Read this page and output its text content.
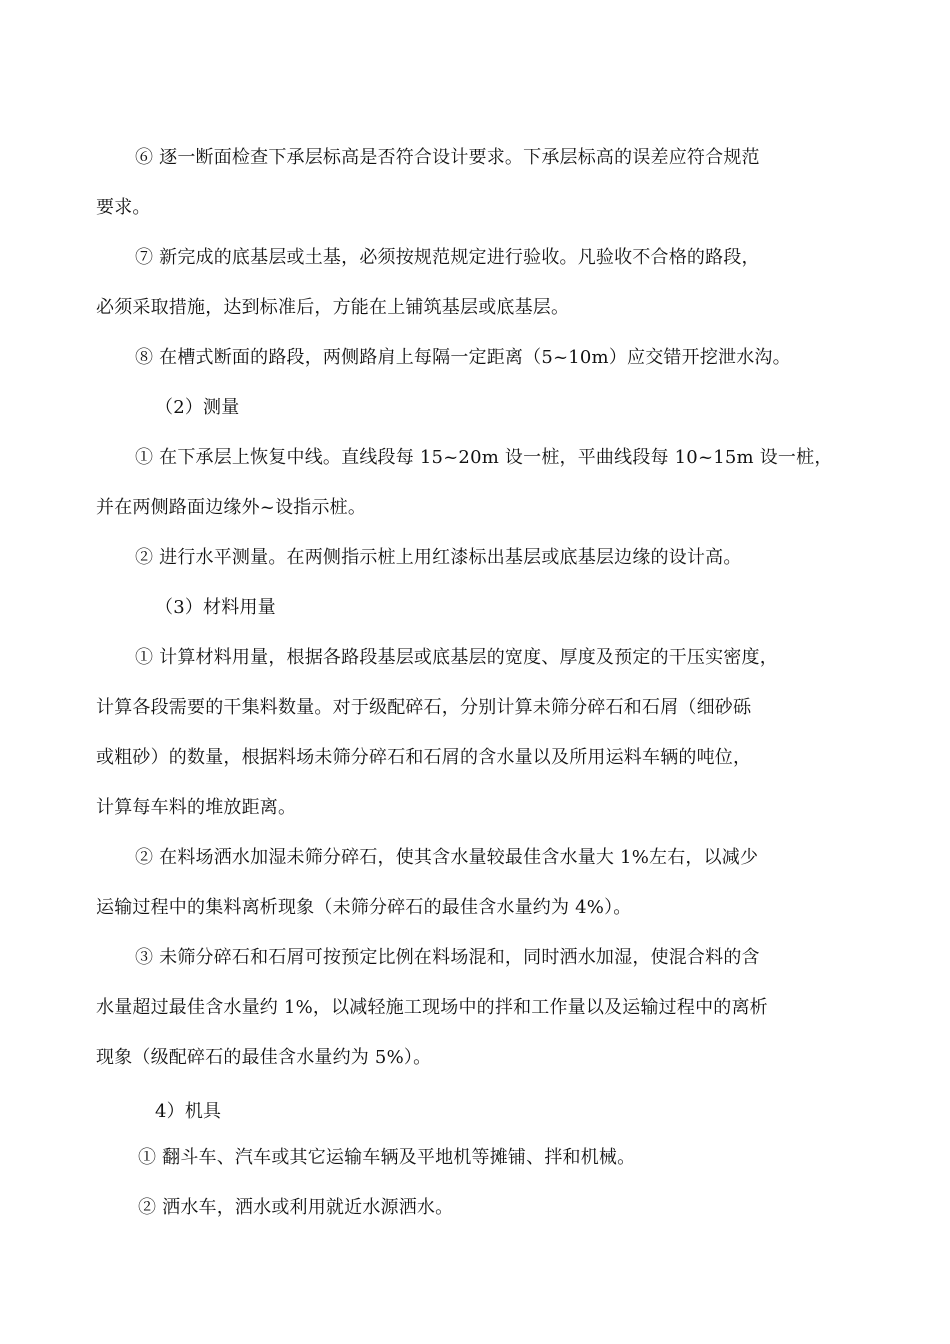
⑥ 逐一断面检查下承层标高是否符合设计要求。下承层标高的误差应符合规范
要求。
⑦ 新完成的底基层或土基，必须按规范规定进行验收。凡验收不合格的路段，
必须采取措施，达到标准后，方能在上铺筑基层或底基层。
⑧ 在槽式断面的路段，两侧路肩上每隔一定距离（5~10m）应交错开挖泄水沟。
（2）测量
① 在下承层上恢复中线。直线段每 15~20m 设一桩，平曲线段每 10~15m 设一桩，
并在两侧路面边缘外~设指示桩。
② 进行水平测量。在两侧指示桩上用红漆标出基层或底基层边缘的设计高。
（3）材料用量
① 计算材料用量，根据各路段基层或底基层的宽度、厚度及预定的干压实密度，
计算各段需要的干集料数量。对于级配碎石，分别计算未筛分碎石和石屑（细砂砾
或粗砂）的数量，根据料场未筛分碎石和石屑的含水量以及所用运料车辆的吨位，
计算每车料的堆放距离。
② 在料场洒水加湿未筛分碎石，使其含水量较最佳含水量大 1%左右，以减少
运输过程中的集料离析现象（未筛分碎石的最佳含水量约为 4%）。
③ 未筛分碎石和石屑可按预定比例在料场混和，同时洒水加湿，使混合料的含
水量超过最佳含水量约 1%，以减轻施工现场中的拌和工作量以及运输过程中的离析
现象（级配碎石的最佳含水量约为 5%）。
4）机具
① 翻斗车、汽车或其它运输车辆及平地机等摊铺、拌和机械。
② 洒水车，洒水或利用就近水源洒水。
